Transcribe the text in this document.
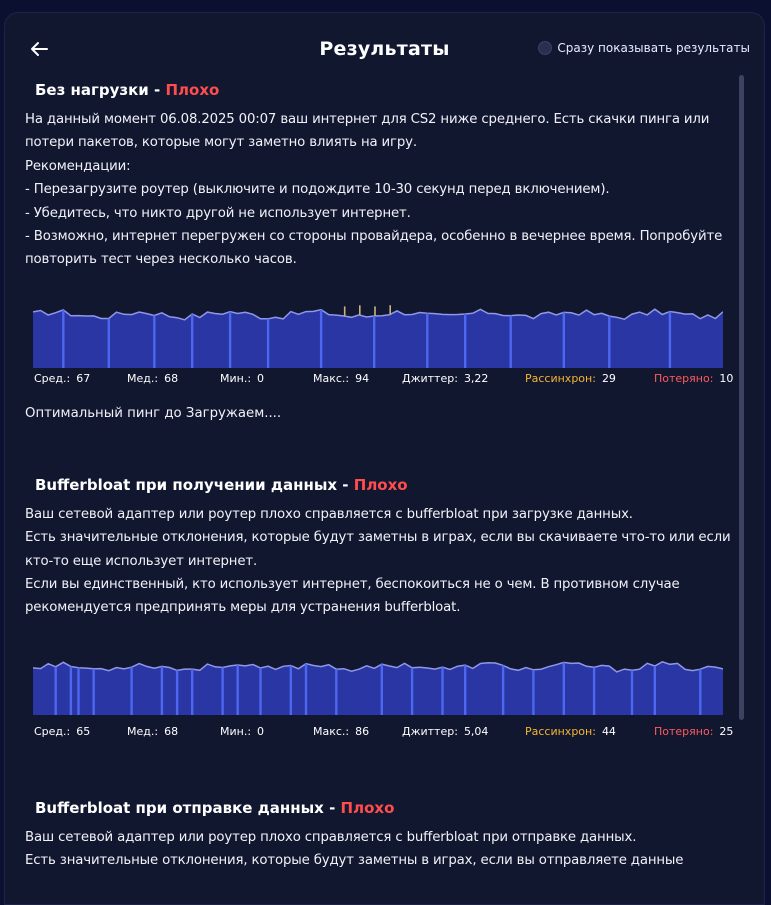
Результаты	Сразу показывать результаты
Без нагрузки - Плохо
На данный момент 06.08.2025 00:07 ваш интернет для CS2 ниже среднего. Есть скачки пинга или потери пакетов, которые могут заметно влиять на игру.
Рекомендации:
- Перезагрузите роутер (выключите и подождите 10-30 секунд перед включением).
- Убедитесь, что никто другой не использует интернет.
- Возможно, интернет перегружен со стороны провайдера, особенно в вечернее время. Попробуйте повторить тест через несколько часов.
Сред.: 67	Мед.: 68	Мин.: 0	Макс.: 94	Джиттер: 3,22	Рассинхрон: 29	Потеряно: 10
Оптимальный пинг до Загружаем....
Bufferbloat при получении данных - Плохо
Ваш сетевой адаптер или роутер плохо справляется с bufferbloat при загрузке данных.
Есть значительные отклонения, которые будут заметны в играх, если вы скачиваете что-то или если кто-то еще использует интернет.
Если вы единственный, кто использует интернет, беспокоиться не о чем. В противном случае рекомендуется предпринять меры для устранения bufferbloat.
Сред.: 65	Мед.: 68	Мин.: 0	Макс.: 86	Джиттер: 5,04	Рассинхрон: 44	Потеряно: 25
Bufferbloat при отправке данных - Плохо
Ваш сетевой адаптер или роутер плохо справляется с bufferbloat при отправке данных.
Есть значительные отклонения, которые будут заметны в играх, если вы отправляете данные
